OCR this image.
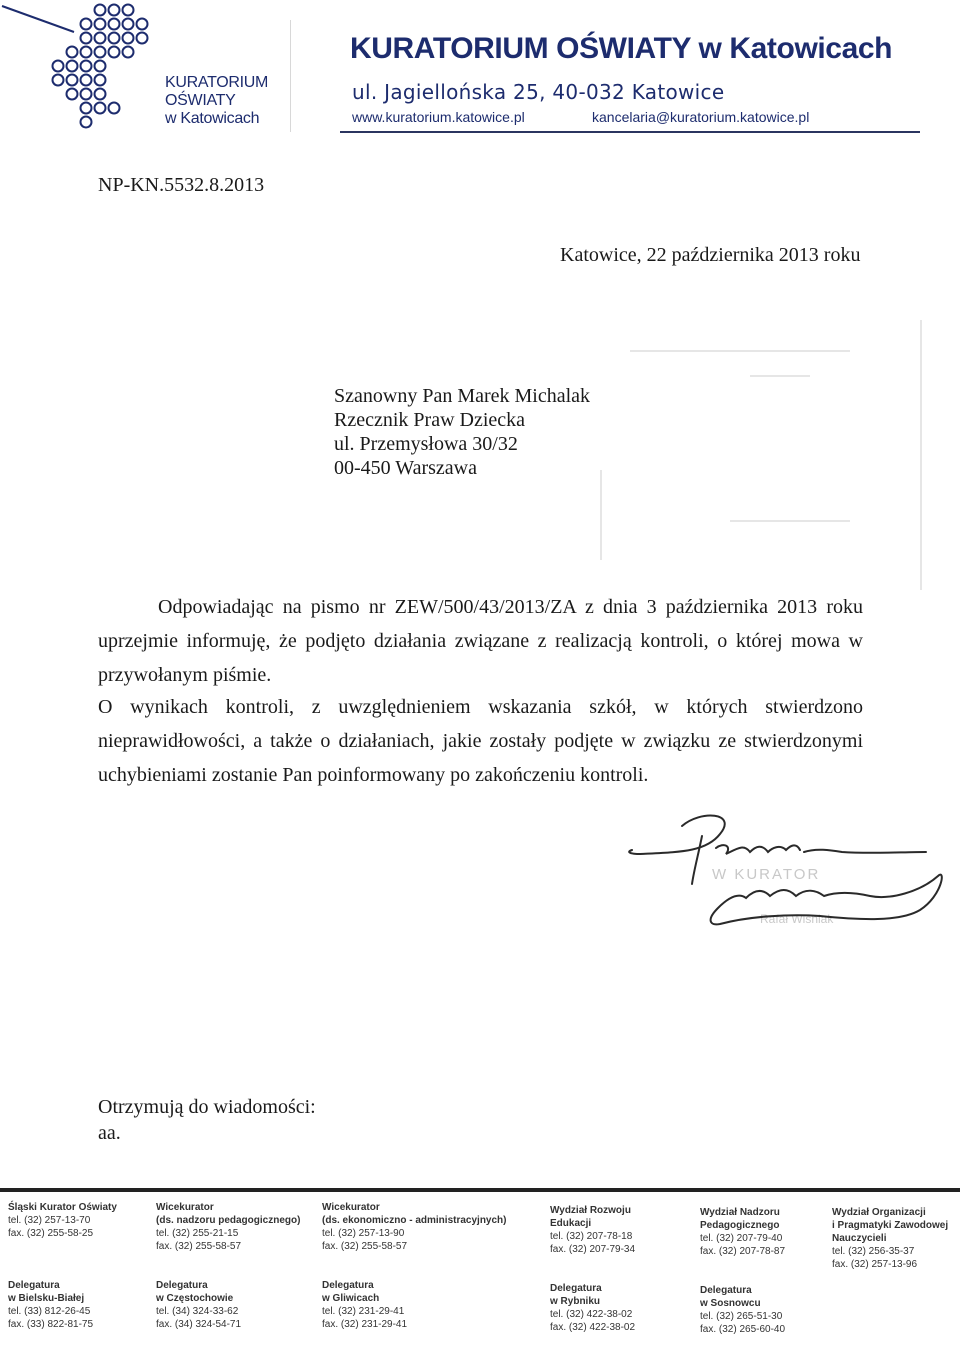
KURATORIUM
OŚWIATY
w Katowicach
KURATORIUM OŚWIATY w Katowicach
ul. Jagiellońska 25, 40-032 Katowice
www.kuratorium.katowice.pl	kancelaria@kuratorium.katowice.pl
NP-KN.5532.8.2013
Katowice, 22 października 2013 roku
Szanowny Pan Marek Michalak
Rzecznik Praw Dziecka
ul. Przemysłowa 30/32
00-450 Warszawa
Odpowiadając na pismo nr ZEW/500/43/2013/ZA z dnia 3 października 2013 roku uprzejmie informuję, że podjęto działania związane z realizacją kontroli, o której mowa w przywołanym piśmie.
O wynikach kontroli, z uwzględnieniem wskazania szkół, w których stwierdzono nieprawidłowości, a także o działaniach, jakie zostały podjęte w związku ze stwierdzonymi uchybieniami zostanie Pan poinformowany po zakończeniu kontroli.
W KURATOR
Rafał Wiśniak
Otrzymują do wiadomości:
aa.
Śląski Kurator Oświaty
tel. (32) 257-13-70
fax. (32) 255-58-25
Wicekurator
(ds. nadzoru pedagogicznego)
tel. (32) 255-21-15
fax. (32) 255-58-57
Wicekurator
(ds. ekonomiczno - administracyjnych)
tel. (32) 257-13-90
fax. (32) 255-58-57
Wydział Rozwoju
Edukacji
tel. (32) 207-78-18
fax. (32) 207-79-34
Wydział Nadzoru
Pedagogicznego
tel. (32) 207-79-40
fax. (32) 207-78-87
Wydział Organizacji
i Pragmatyki Zawodowej
Nauczycieli
tel. (32) 256-35-37
fax. (32) 257-13-96
Delegatura
w Bielsku-Białej
tel. (33) 812-26-45
fax. (33) 822-81-75
Delegatura
w Częstochowie
tel. (34) 324-33-62
fax. (34) 324-54-71
Delegatura
w Gliwicach
tel. (32) 231-29-41
fax. (32) 231-29-41
Delegatura
w Rybniku
tel. (32) 422-38-02
fax. (32) 422-38-02
Delegatura
w Sosnowcu
tel. (32) 265-51-30
fax. (32) 265-60-40
